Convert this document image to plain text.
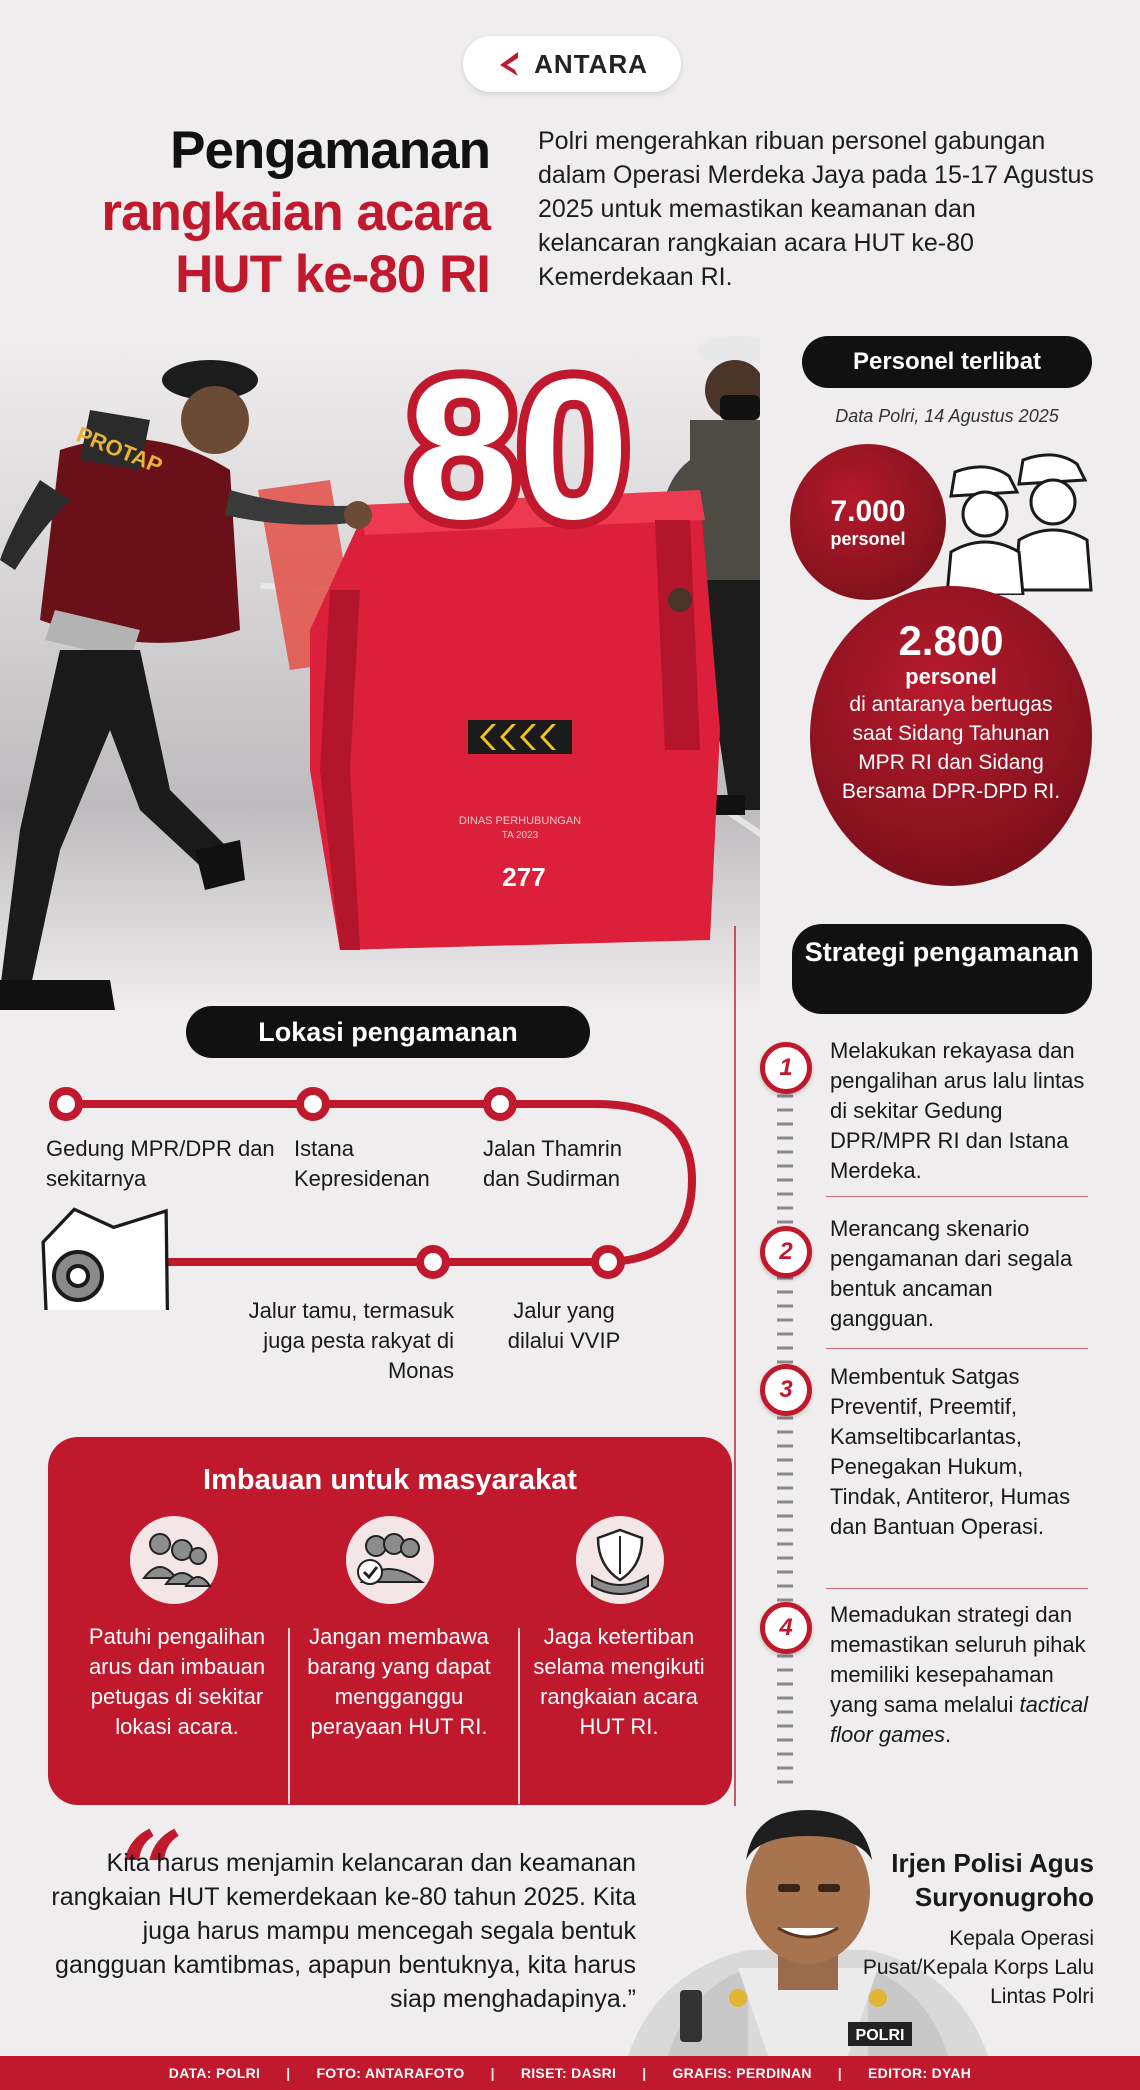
ANTARA
Pengamanan
rangkaian acara
HUT ke-80 RI
Polri mengerahkan ribuan personel gabungan dalam Operasi Merdeka Jaya pada 15-17 Agustus 2025 untuk memastikan keamanan dan kelancaran rangkaian acara HUT ke-80 Kemerdekaan RI.
PROTAP
DINAS PERHUBUNGAN
TA 2023
277
80	Personel terlibat
Data Polri, 14 Agustus 2025
7.000
personel
2.800
personel
di antaranya bertugas saat Sidang Tahunan MPR RI dan Sidang Bersama DPR-DPD RI.
Lokasi pengamanan
Gedung MPR/DPR dan sekitarnya
Istana Kepresidenan
Jalan Thamrin dan Sudirman
Jalur yang dilalui VVIP
Jalur tamu, termasuk juga pesta rakyat di Monas
Strategi pengamanan
1
Melakukan rekayasa dan pengalihan arus lalu lintas di sekitar Gedung DPR/MPR RI dan Istana Merdeka.
2
Merancang skenario pengamanan dari segala bentuk ancaman gangguan.
3	Membentuk Satgas Preventif, Preemtif, Kamseltibcarlantas, Penegakan Hukum, Tindak, Antiteror, Humas dan Bantuan Operasi.
4	Memadukan strategi dan memastikan seluruh pihak memiliki kesepahaman yang sama melalui tactical floor games.
Imbauan untuk masyarakat
Patuhi pengalihan arus dan imbauan petugas di sekitar lokasi acara.
Jangan membawa barang yang dapat mengganggu perayaan HUT RI.
Jaga ketertiban selama mengikuti rangkaian acara HUT RI.
“
Kita harus menjamin kelancaran dan keamanan rangkaian HUT kemerdekaan ke-80 tahun 2025. Kita juga harus mampu mencegah segala bentuk gangguan kamtibmas, apapun bentuknya, kita harus siap menghadapinya.”
POLRI
Irjen Polisi Agus Suryonugroho
Kepala Operasi Pusat/Kepala Korps Lalu Lintas Polri
DATA: POLRI | FOTO: ANTARAFOTO | RISET: DASRI | GRAFIS: PERDINAN | EDITOR: DYAH
